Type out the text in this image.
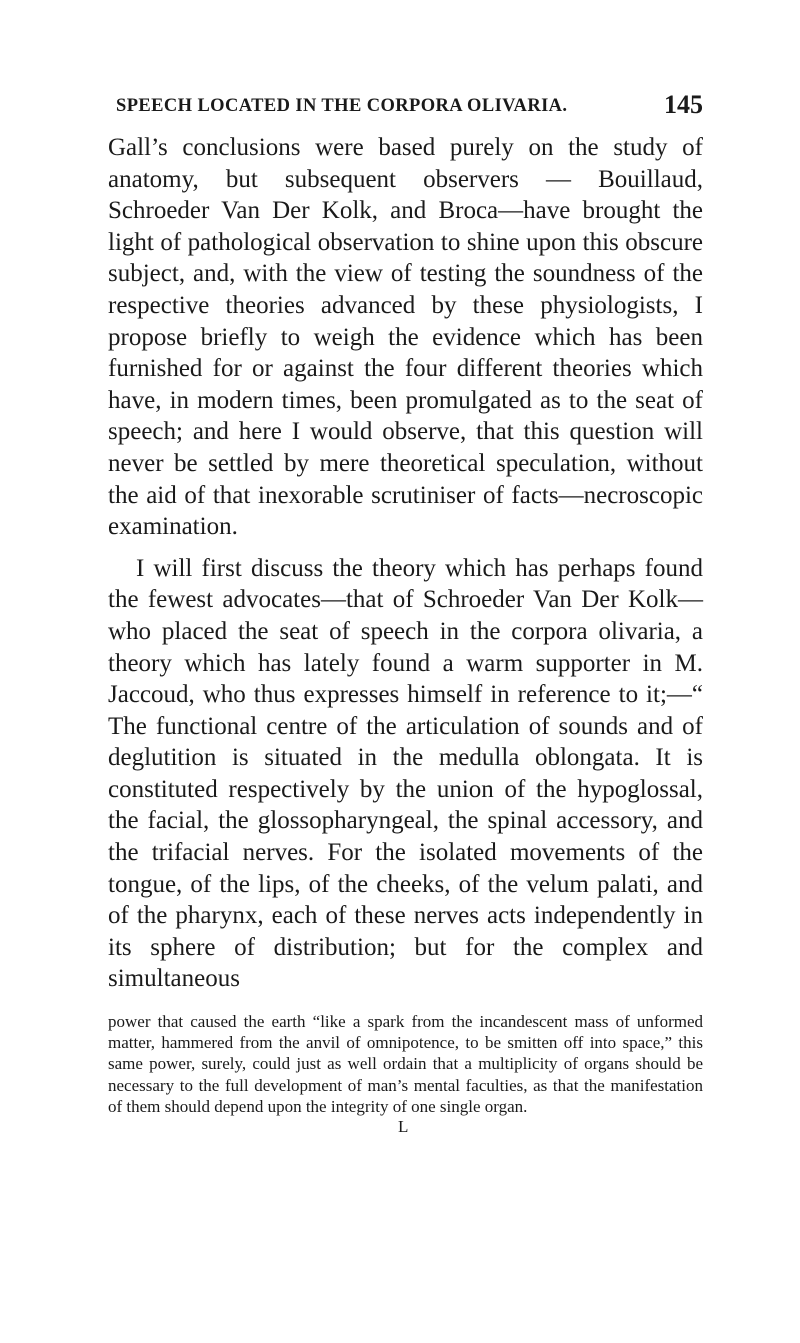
SPEECH LOCATED IN THE CORPORA OLIVARIA.	145

Gall’s conclusions were based purely on the study of anatomy, but subsequent observers — Bouillaud, Schroeder Van Der Kolk, and Broca—have brought the light of pathological observation to shine upon this obscure subject, and, with the view of testing the soundness of the respective theories advanced by these physiologists, I propose briefly to weigh the evidence which has been furnished for or against the four different theories which have, in modern times, been promulgated as to the seat of speech; and here I would observe, that this question will never be settled by mere theoretical speculation, without the aid of that inexorable scrutiniser of facts—necroscopic examination.

I will first discuss the theory which has perhaps found the fewest advocates—that of Schroeder Van Der Kolk—who placed the seat of speech in the corpora olivaria, a theory which has lately found a warm supporter in M. Jaccoud, who thus expresses himself in reference to it;—“ The functional centre of the articulation of sounds and of deglutition is situated in the medulla oblongata. It is constituted respectively by the union of the hypoglossal, the facial, the glossopharyngeal, the spinal accessory, and the trifacial nerves. For the isolated movements of the tongue, of the lips, of the cheeks, of the velum palati, and of the pharynx, each of these nerves acts independently in its sphere of distribution; but for the complex and simultaneous

power that caused the earth “like a spark from the incandescent mass of unformed matter, hammered from the anvil of omnipotence, to be smitten off into space,” this same power, surely, could just as well ordain that a multiplicity of organs should be necessary to the full development of man’s mental faculties, as that the manifestation of them should depend upon the integrity of one single organ.
L
